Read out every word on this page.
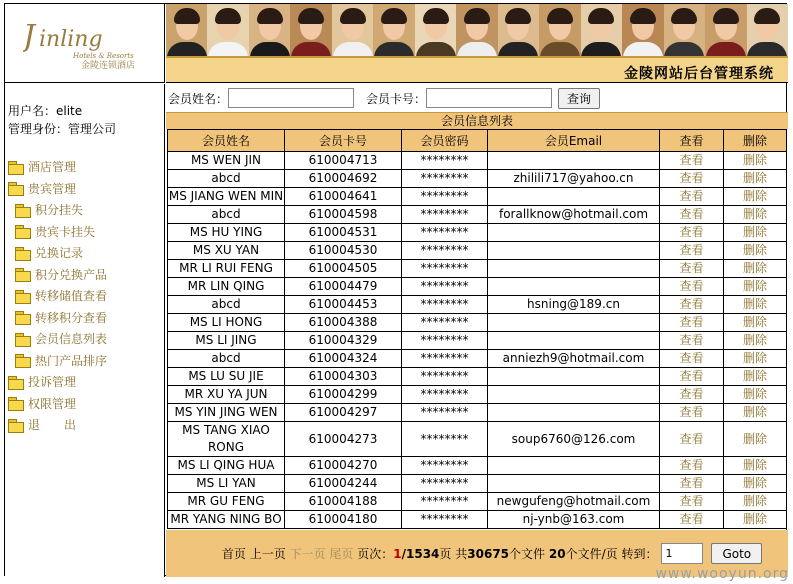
J inling
Hotels & Resorts
金陵连锁酒店	金陵网站后台管理系统
用户名：elite
管理身份：管理公司
酒店管理
贵宾管理
积分挂失
贵宾卡挂失
兑换记录
积分兑换产品
转移储值查看
转移积分查看
会员信息列表
热门产品排序
投诉管理
权限管理
退　　出
会员姓名：	会员卡号：	查询
会员信息列表
会员姓名	会员卡号	会员密码	会员Email	查看	删除
MS WEN JIN	610004713	********		查看	删除
abcd	610004692	********	zhilili717@yahoo.cn	查看	删除
MS JIANG WEN MIN	610004641	********		查看	删除
abcd	610004598	********	forallknow@hotmail.com	查看	删除
MS HU YING	610004531	********		查看	删除
MS XU YAN	610004530	********		查看	删除
MR LI RUI FENG	610004505	********		查看	删除
MR LIN QING	610004479	********		查看	删除
abcd	610004453	********	hsning@189.cn	查看	删除
MS LI HONG	610004388	********		查看	删除
MS LI JING	610004329	********		查看	删除
abcd	610004324	********	anniezh9@hotmail.com	查看	删除
MS LU SU JIE	610004303	********		查看	删除
MR XU YA JUN	610004299	********		查看	删除
MS YIN JING WEN	610004297	********		查看	删除
MS TANG XIAO RONG	610004273	********	soup6760@126.com	查看	删除
MS LI QING HUA	610004270	********		查看	删除
MS LI YAN	610004244	********		查看	删除
MR GU FENG	610004188	********	newgufeng@hotmail.com	查看	删除
MR YANG NING BO	610004180	********	nj-ynb@163.com	查看	删除
首页
上一页
下一页
尾页
页次： 1 / 1534 页
共 30675 个文件
20 个文件/页
转到：
1	Goto
www.wooyun.org
